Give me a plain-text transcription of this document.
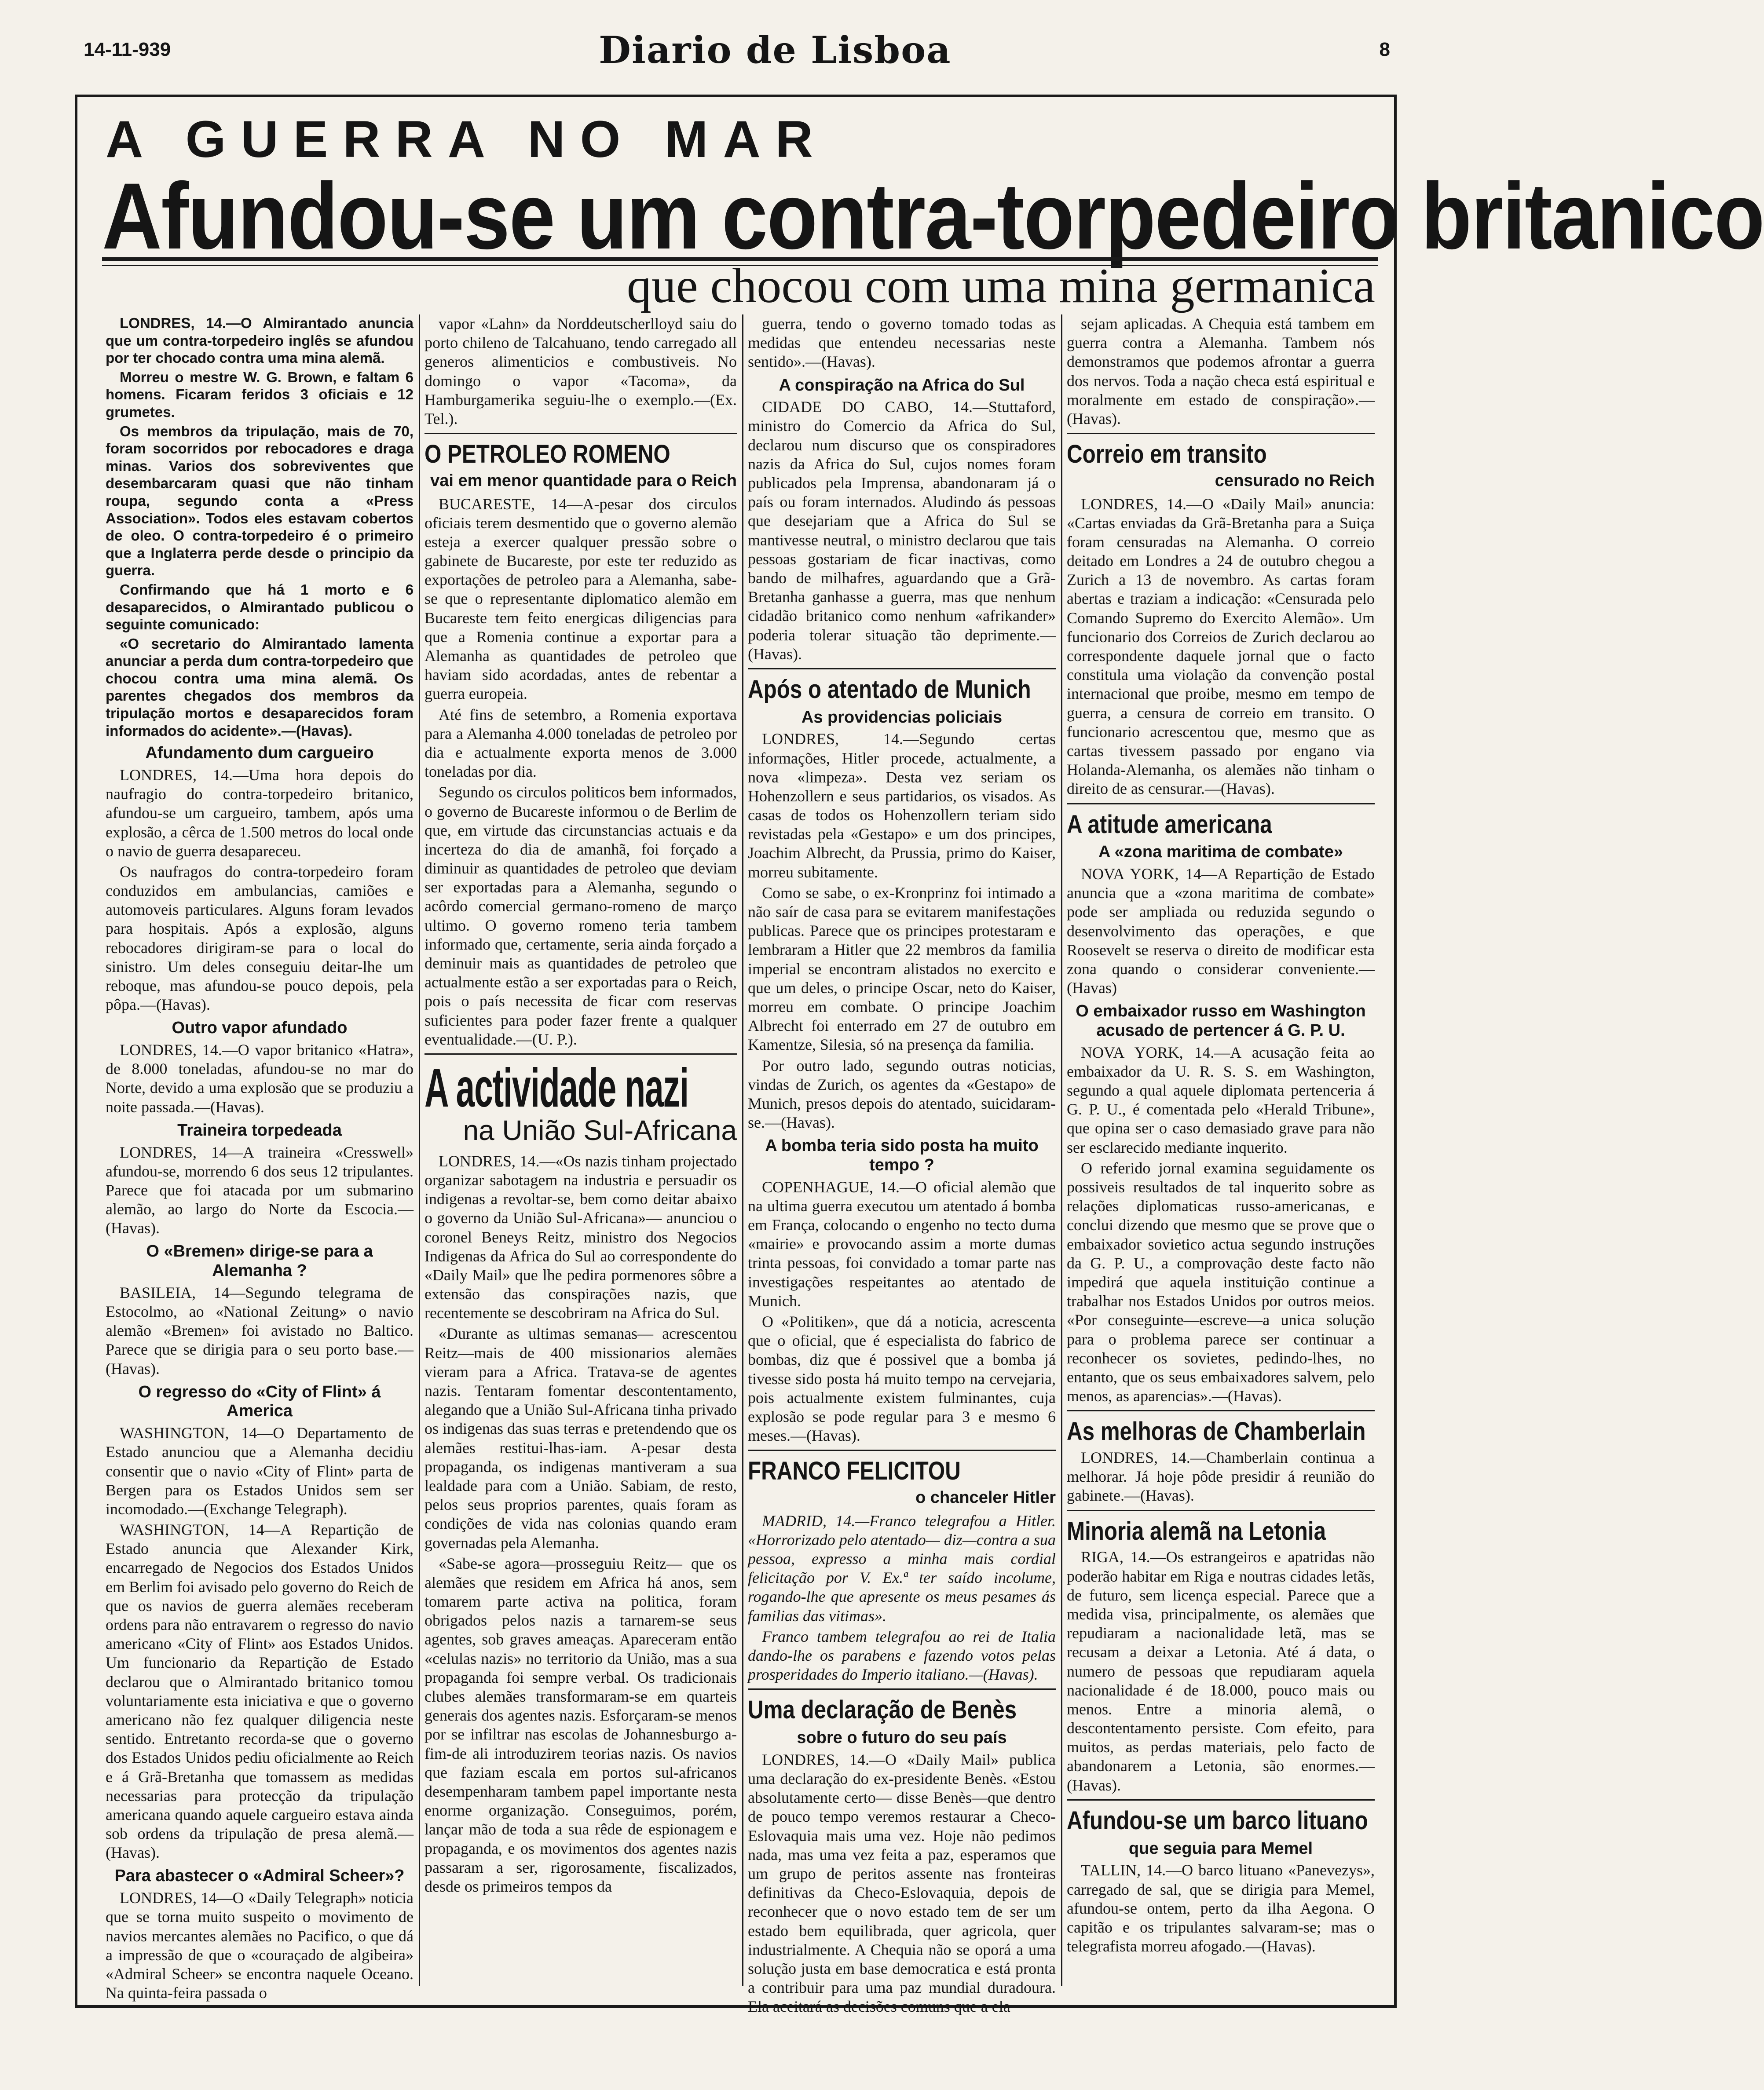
14-11-939	Diario de Lisboa	8
A GUERRA NO MAR
Afundou-se um contra-torpedeiro britanico
que chocou com uma mina germanica

LONDRES, 14.—O Almirantado anuncia que um contra-torpedeiro inglês se afundou por ter chocado contra uma mina alemã.

Morreu o mestre W. G. Brown, e faltam 6 homens. Ficaram feridos 3 oficiais e 12 grumetes.

Os membros da tripulação, mais de 70, foram socorridos por rebocadores e draga minas. Varios dos sobreviventes que desembarcaram quasi que não tinham roupa, segundo conta a «Press Association». Todos eles estavam cobertos de oleo. O contra-torpedeiro é o primeiro que a Inglaterra perde desde o principio da guerra.

Confirmando que há 1 morto e 6 desaparecidos, o Almirantado publicou o seguinte comunicado:

«O secretario do Almirantado lamenta anunciar a perda dum contra-torpedeiro que chocou contra uma mina alemã. Os parentes chegados dos membros da tripulação mortos e desaparecidos foram informados do acidente».—(Havas).

Afundamento dum cargueiro

LONDRES, 14.—Uma hora depois do naufragio do contra-torpedeiro britanico, afundou-se um cargueiro, tambem, após uma explosão, a cêrca de 1.500 metros do local onde o navio de guerra desapareceu.

Os naufragos do contra-torpedeiro foram conduzidos em ambulancias, camiões e automoveis particulares. Alguns foram levados para hospitais. Após a explosão, alguns rebocadores dirigiram-se para o local do sinistro. Um deles conseguiu deitar-lhe um reboque, mas afundou-se pouco depois, pela pôpa.—(Havas).

Outro vapor afundado

LONDRES, 14.—O vapor britanico «Hatra», de 8.000 toneladas, afundou-se no mar do Norte, devido a uma explosão que se produziu a noite passada.—(Havas).

Traineira torpedeada

LONDRES, 14—A traineira «Cresswell» afundou-se, morrendo 6 dos seus 12 tripulantes. Parece que foi atacada por um submarino alemão, ao largo do Norte da Escocia.—(Havas).

O «Bremen» dirige-se para a Alemanha ?

BASILEIA, 14—Segundo telegrama de Estocolmo, ao «National Zeitung» o navio alemão «Bremen» foi avistado no Baltico. Parece que se dirigia para o seu porto base.—(Havas).

O regresso do «City of Flint» á America

WASHINGTON, 14—O Departamento de Estado anunciou que a Alemanha decidiu consentir que o navio «City of Flint» parta de Bergen para os Estados Unidos sem ser incomodado.—(Exchange Telegraph).

WASHINGTON, 14—A Repartição de Estado anuncia que Alexander Kirk, encarregado de Negocios dos Estados Unidos em Berlim foi avisado pelo governo do Reich de que os navios de guerra alemães receberam ordens para não entravarem o regresso do navio americano «City of Flint» aos Estados Unidos. Um funcionario da Repartição de Estado declarou que o Almirantado britanico tomou voluntariamente esta iniciativa e que o governo americano não fez qualquer diligencia neste sentido. Entretanto recorda-se que o governo dos Estados Unidos pediu oficialmente ao Reich e á Grã-Bretanha que tomassem as medidas necessarias para protecção da tripulação americana quando aquele cargueiro estava ainda sob ordens da tripulação de presa alemã.—(Havas).

Para abastecer o «Admiral Scheer»?

LONDRES, 14—O «Daily Telegraph» noticia que se torna muito suspeito o movimento de navios mercantes alemães no Pacifico, o que dá a impressão de que o «couraçado de algibeira» «Admiral Scheer» se encontra naquele Oceano. Na quinta-feira passada o

vapor «Lahn» da Norddeutscherlloyd saiu do porto chileno de Talcahuano, tendo carregado all generos alimenticios e combustiveis. No domingo o vapor «Tacoma», da Hamburgamerika seguiu-lhe o exemplo.—(Ex. Tel.).

O PETROLEO ROMENO
vai em menor quantidade para o Reich

BUCARESTE, 14—A-pesar dos circulos oficiais terem desmentido que o governo alemão esteja a exercer qualquer pressão sobre o gabinete de Bucareste, por este ter reduzido as exportações de petroleo para a Alemanha, sabe-se que o representante diplomatico alemão em Bucareste tem feito energicas diligencias para que a Romenia continue a exportar para a Alemanha as quantidades de petroleo que haviam sido acordadas, antes de rebentar a guerra europeia.

Até fins de setembro, a Romenia exportava para a Alemanha 4.000 toneladas de petroleo por dia e actualmente exporta menos de 3.000 toneladas por dia.

Segundo os circulos politicos bem informados, o governo de Bucareste informou o de Berlim de que, em virtude das circunstancias actuais e da incerteza do dia de amanhã, foi forçado a diminuir as quantidades de petroleo que deviam ser exportadas para a Alemanha, segundo o acôrdo comercial germano-romeno de março ultimo. O governo romeno teria tambem informado que, certamente, seria ainda forçado a deminuir mais as quantidades de petroleo que actualmente estão a ser exportadas para o Reich, pois o país necessita de ficar com reservas suficientes para poder fazer frente a qualquer eventualidade.—(U. P.).

A actividade nazi
na União Sul-Africana

LONDRES, 14.—«Os nazis tinham projectado organizar sabotagem na industria e persuadir os indigenas a revoltar-se, bem como deitar abaixo o governo da União Sul-Africana»— anunciou o coronel Beneys Reitz, ministro dos Negocios Indigenas da Africa do Sul ao correspondente do «Daily Mail» que lhe pedira pormenores sôbre a extensão das conspirações nazis, que recentemente se descobriram na Africa do Sul.

«Durante as ultimas semanas— acrescentou Reitz—mais de 400 missionarios alemães vieram para a Africa. Tratava-se de agentes nazis. Tentaram fomentar descontentamento, alegando que a União Sul-Africana tinha privado os indigenas das suas terras e pretendendo que os alemães restitui-lhas-iam. A-pesar desta propaganda, os indigenas mantiveram a sua lealdade para com a União. Sabiam, de resto, pelos seus proprios parentes, quais foram as condições de vida nas colonias quando eram governadas pela Alemanha.

«Sabe-se agora—prosseguiu Reitz— que os alemães que residem em Africa há anos, sem tomarem parte activa na politica, foram obrigados pelos nazis a tarnarem-se seus agentes, sob graves ameaças. Apareceram então «celulas nazis» no territorio da União, mas a sua propaganda foi sempre verbal. Os tradicionais clubes alemães transformaram-se em quarteis generais dos agentes nazis. Esforçaram-se menos por se infiltrar nas escolas de Johannesburgo a-fim-de ali introduzirem teorias nazis. Os navios que faziam escala em portos sul-africanos desempenharam tambem papel importante nesta enorme organização. Conseguimos, porém, lançar mão de toda a sua rêde de espionagem e propaganda, e os movimentos dos agentes nazis passaram a ser, rigorosamente, fiscalizados, desde os primeiros tempos da

guerra, tendo o governo tomado todas as medidas que entendeu necessarias neste sentido».—(Havas).

A conspiração na Africa do Sul

CIDADE DO CABO, 14.—Stuttaford, ministro do Comercio da Africa do Sul, declarou num discurso que os conspiradores nazis da Africa do Sul, cujos nomes foram publicados pela Imprensa, abandonaram já o país ou foram internados. Aludindo ás pessoas que desejariam que a Africa do Sul se mantivesse neutral, o ministro declarou que tais pessoas gostariam de ficar inactivas, como bando de milhafres, aguardando que a Grã-Bretanha ganhasse a guerra, mas que nenhum cidadão britanico como nenhum «afrikander» poderia tolerar situação tão deprimente.—(Havas).

Após o atentado de Munich
As providencias policiais

LONDRES, 14.—Segundo certas informações, Hitler procede, actualmente, a nova «limpeza». Desta vez seriam os Hohenzollern e seus partidarios, os visados. As casas de todos os Hohenzollern teriam sido revistadas pela «Gestapo» e um dos principes, Joachim Albrecht, da Prussia, primo do Kaiser, morreu subitamente.

Como se sabe, o ex-Kronprinz foi intimado a não saír de casa para se evitarem manifestações publicas. Parece que os principes protestaram e lembraram a Hitler que 22 membros da familia imperial se encontram alistados no exercito e que um deles, o principe Oscar, neto do Kaiser, morreu em combate. O principe Joachim Albrecht foi enterrado em 27 de outubro em Kamentze, Silesia, só na presença da familia.

Por outro lado, segundo outras noticias, vindas de Zurich, os agentes da «Gestapo» de Munich, presos depois do atentado, suicidaram-se.—(Havas).

A bomba teria sido posta ha muito tempo ?

COPENHAGUE, 14.—O oficial alemão que na ultima guerra executou um atentado á bomba em França, colocando o engenho no tecto duma «mairie» e provocando assim a morte dumas trinta pessoas, foi convidado a tomar parte nas investigações respeitantes ao atentado de Munich.

O «Politiken», que dá a noticia, acrescenta que o oficial, que é especialista do fabrico de bombas, diz que é possivel que a bomba já tivesse sido posta há muito tempo na cervejaria, pois actualmente existem fulminantes, cuja explosão se pode regular para 3 e mesmo 6 meses.—(Havas).

FRANCO FELICITOU
o chanceler Hitler

MADRID, 14.—Franco telegrafou a Hitler. «Horrorizado pelo atentado— diz—contra a sua pessoa, expresso a minha mais cordial felicitação por V. Ex.ª ter saído incolume, rogando-lhe que apresente os meus pesames ás familias das vitimas».

Franco tambem telegrafou ao rei de Italia dando-lhe os parabens e fazendo votos pelas prosperidades do Imperio italiano.—(Havas).

Uma declaração de Benès
sobre o futuro do seu país

LONDRES, 14.—O «Daily Mail» publica uma declaração do ex-presidente Benès. «Estou absolutamente certo— disse Benès—que dentro de pouco tempo veremos restaurar a Checo-Eslovaquia mais uma vez. Hoje não pedimos nada, mas uma vez feita a paz, esperamos que um grupo de peritos assente nas fronteiras definitivas da Checo-Eslovaquia, depois de reconhecer que o novo estado tem de ser um estado bem equilibrada, quer agricola, quer industrialmente. A Chequia não se oporá a uma solução justa em base democratica e está pronta a contribuir para uma paz mundial duradoura. Ela aceitará as decisões comuns que a ela

sejam aplicadas. A Chequia está tambem em guerra contra a Alemanha. Tambem nós demonstramos que podemos afrontar a guerra dos nervos. Toda a nação checa está espiritual e moralmente em estado de conspiração».—(Havas).

Correio em transito
censurado no Reich

LONDRES, 14.—O «Daily Mail» anuncia: «Cartas enviadas da Grã-Bretanha para a Suiça foram censuradas na Alemanha. O correio deitado em Londres a 24 de outubro chegou a Zurich a 13 de novembro. As cartas foram abertas e traziam a indicação: «Censurada pelo Comando Supremo do Exercito Alemão». Um funcionario dos Correios de Zurich declarou ao correspondente daquele jornal que o facto constitula uma violação da convenção postal internacional que proibe, mesmo em tempo de guerra, a censura de correio em transito. O funcionario acrescentou que, mesmo que as cartas tivessem passado por engano via Holanda-Alemanha, os alemães não tinham o direito de as censurar.—(Havas).

A atitude americana
A «zona maritima de combate»

NOVA YORK, 14—A Repartição de Estado anuncia que a «zona maritima de combate» pode ser ampliada ou reduzida segundo o desenvolvimento das operações, e que Roosevelt se reserva o direito de modificar esta zona quando o considerar conveniente.—(Havas)

O embaixador russo em Washington acusado de pertencer á G. P. U.

NOVA YORK, 14.—A acusação feita ao embaixador da U. R. S. S. em Washington, segundo a qual aquele diplomata pertenceria á G. P. U., é comentada pelo «Herald Tribune», que opina ser o caso demasiado grave para não ser esclarecido mediante inquerito.

O referido jornal examina seguidamente os possiveis resultados de tal inquerito sobre as relações diplomaticas russo-americanas, e conclui dizendo que mesmo que se prove que o embaixador sovietico actua segundo instruções da G. P. U., a comprovação deste facto não impedirá que aquela instituição continue a trabalhar nos Estados Unidos por outros meios. «Por conseguinte—escreve—a unica solução para o problema parece ser continuar a reconhecer os sovietes, pedindo-lhes, no entanto, que os seus embaixadores salvem, pelo menos, as aparencias».—(Havas).

As melhoras de Chamberlain

LONDRES, 14.—Chamberlain continua a melhorar. Já hoje pôde presidir á reunião do gabinete.—(Havas).

Minoria alemã na Letonia

RIGA, 14.—Os estrangeiros e apatridas não poderão habitar em Riga e noutras cidades letãs, de futuro, sem licença especial. Parece que a medida visa, principalmente, os alemães que repudiaram a nacionalidade letã, mas se recusam a deixar a Letonia. Até á data, o numero de pessoas que repudiaram aquela nacionalidade é de 18.000, pouco mais ou menos. Entre a minoria alemã, o descontentamento persiste. Com efeito, para muitos, as perdas materiais, pelo facto de abandonarem a Letonia, são enormes.—(Havas).

Afundou-se um barco lituano
que seguia para Memel

TALLIN, 14.—O barco lituano «Panevezys», carregado de sal, que se dirigia para Memel, afundou-se ontem, perto da ilha Aegona. O capitão e os tripulantes salvaram-se; mas o telegrafista morreu afogado.—(Havas).
